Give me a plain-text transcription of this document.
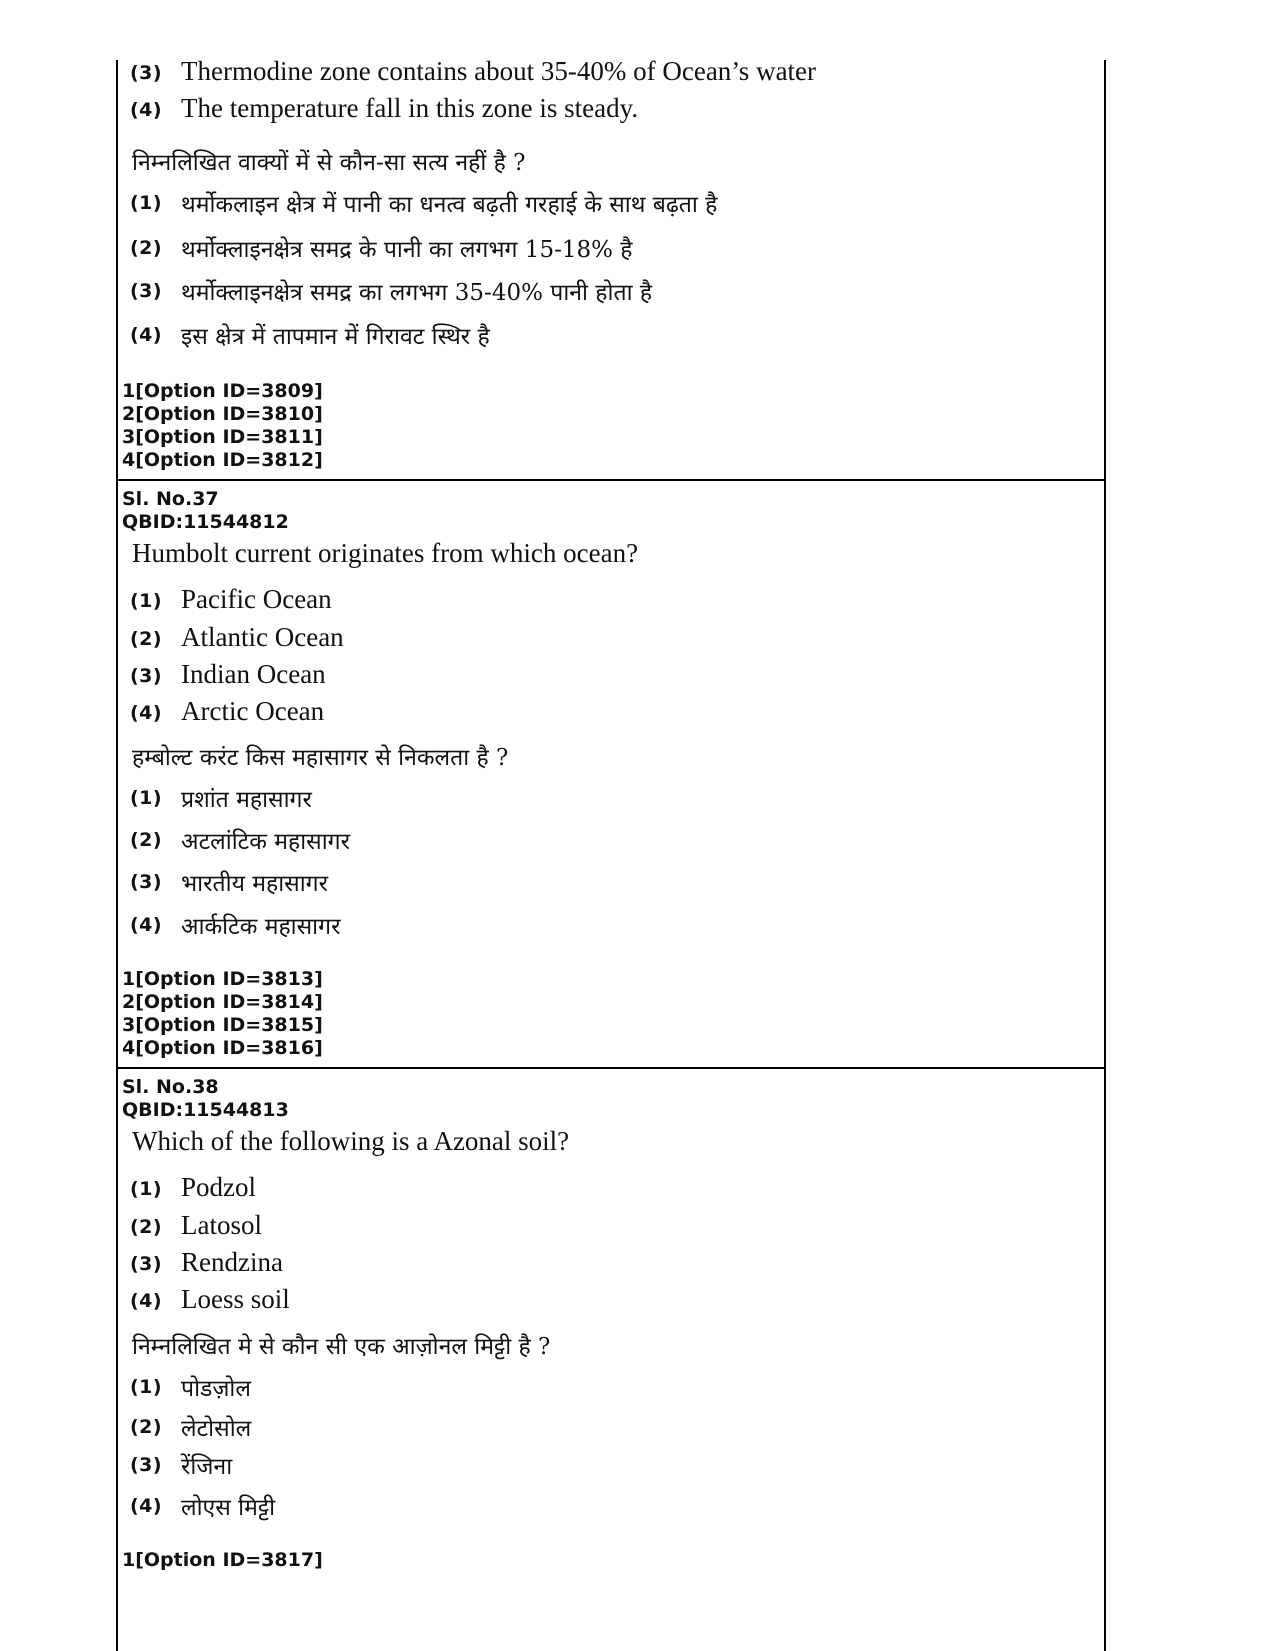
(3) Thermodine zone contains about 35-40% of Ocean’s water
(4) The temperature fall in this zone is steady.
निम्नलिखित वाक्यों में से कौन-सा सत्य नहीं है ?
(1) थर्मोकलाइन क्षेत्र में पानी का धनत्व बढ़ती गरहाई के साथ बढ़ता है
(2) थर्मोक्लाइनक्षेत्र समद्र के पानी का लगभग 15-18% है
(3) थर्मोक्लाइनक्षेत्र समद्र का लगभग 35-40% पानी होता है
(4) इस क्षेत्र में तापमान में गिरावट स्थिर है
1[Option ID=3809]
2[Option ID=3810]
3[Option ID=3811]
4[Option ID=3812]
Sl. No.37
QBID:11544812
Humbolt current originates from which ocean?
(1) Pacific Ocean
(2) Atlantic Ocean
(3) Indian Ocean
(4) Arctic Ocean
हम्बोल्ट करंट किस महासागर से निकलता है ?
(1) प्रशांत महासागर
(2) अटलांटिक महासागर
(3) भारतीय महासागर
(4) आर्कटिक महासागर
1[Option ID=3813]
2[Option ID=3814]
3[Option ID=3815]
4[Option ID=3816]
Sl. No.38
QBID:11544813
Which of the following is a Azonal soil?
(1) Podzol
(2) Latosol
(3) Rendzina
(4) Loess soil
निम्नलिखित मे से कौन सी एक आज़ोनल मिट्टी है ?
(1) पोडज़ोल
(2) लेटोसोल
(3) रेंजिना
(4) लोएस मिट्टी
1[Option ID=3817]
